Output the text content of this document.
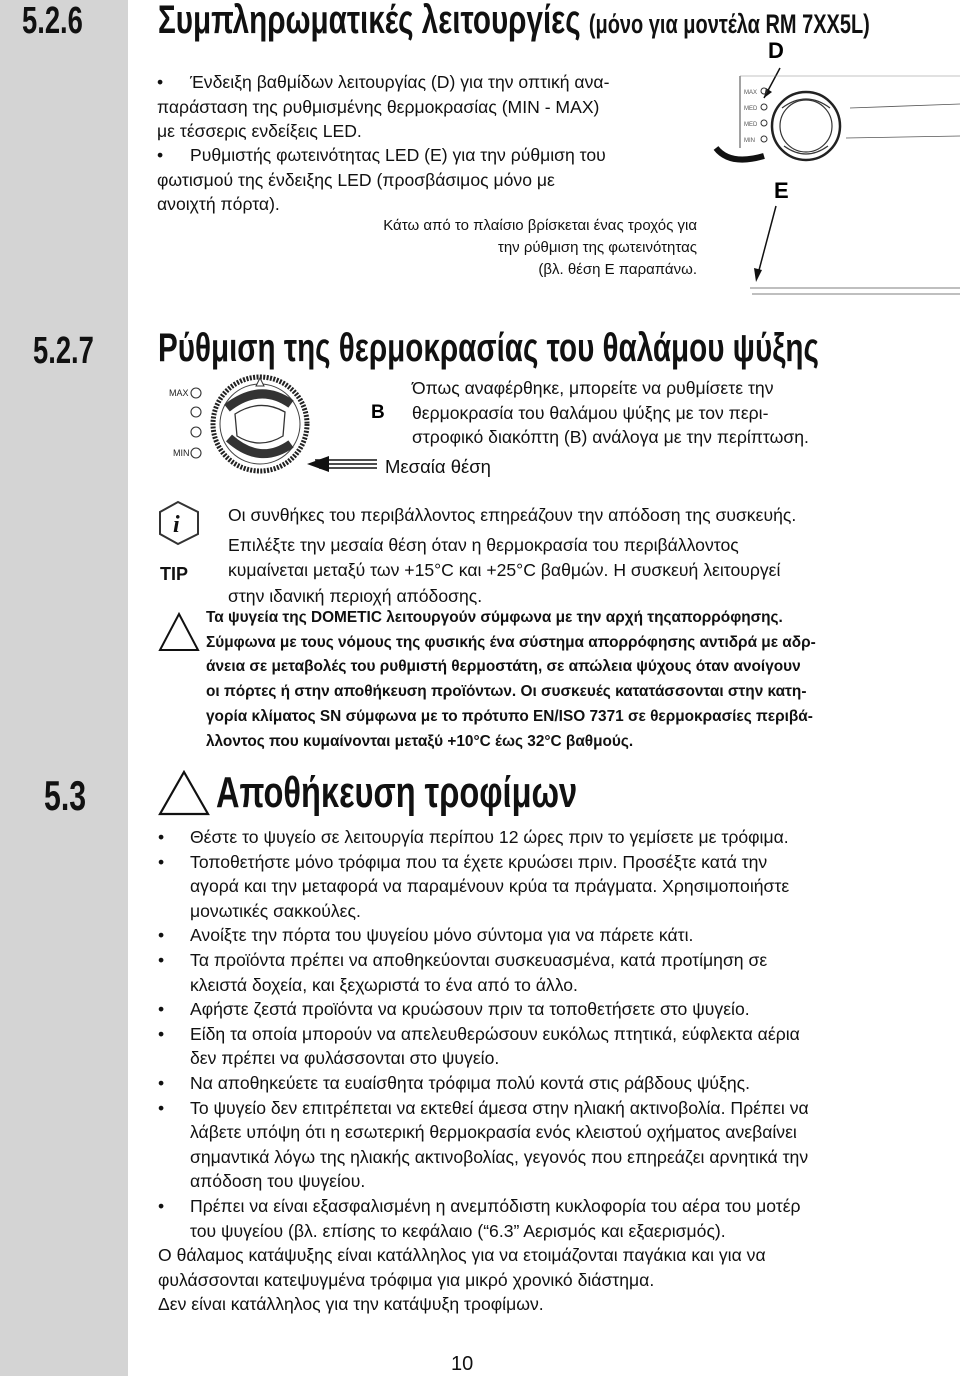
5.2.6 Συμπληρωματικές λειτουργίες (μόνο για μοντέλα RM 7XX5L)
• Ένδειξη βαθμίδων λειτουργίας (D) για την οπτική ανα-
παράσταση της ρυθμισμένης θερμοκρασίας (MIN - MAX)
με τέσσερις ενδείξεις LED.
• Ρυθμιστής φωτεινότητας LED (E) για την ρύθμιση του
φωτισμού της ένδειξης LED (προσβάσιμος μόνο με
ανοιχτή πόρτα).
Κάτω από το πλαίσιο βρίσκεται ένας τροχός για
την ρύθμιση της φωτεινότητας
(βλ. θέση E παραπάνω.
D
MAX
MED
MED
MIN
E
5.2.7 Ρύθμιση της θερμοκρασίας του θαλάμου ψύξης
MAX
MIN
B
Μεσαία θέση
Όπως αναφέρθηκε, μπορείτε να ρυθμίσετε την
θερμοκρασία του θαλάμου ψύξης με τον περι-
στροφικό διακόπτη (B) ανάλογα με την περίπτωση.
i
TIP
Οι συνθήκες του περιβάλλοντος επηρεάζουν την απόδοση της συσκευής.
Επιλέξτε την μεσαία θέση όταν η θερμοκρασία του περιβάλλοντος
κυμαίνεται μεταξύ των +15°C και +25°C βαθμών. Η συσκευή λειτουργεί
στην ιδανική περιοχή απόδοσης.

Τα ψυγεία της DOMETIC λειτουργούν σύμφωνα με την αρχή τηςαπορρόφησης.

Σύμφωνα με τους νόμους της φυσικής ένα σύστημα απορρόφησης αντιδρά με αδρ-

άνεια σε μεταβολές του ρυθμιστή θερμοστάτη, σε απώλεια ψύχους όταν ανοίγουν

οι πόρτες ή στην αποθήκευση προϊόντων. Οι συσκευές κατατάσσονται στην κατη-

γορία κλίματος SN σύμφωνα με το πρότυπο EN/ISO 7371 σε θερμοκρασίες περιβά-

λλοντος που κυμαίνονται μεταξύ +10°C έως 32°C βαθμούς.

5.3	Αποθήκευση τροφίμων
• Θέστε το ψυγείο σε λειτουργία περίπου 12 ώρες πριν το γεμίσετε με τρόφιμα.
• Τοποθετήστε μόνο τρόφιμα που τα έχετε κρυώσει πριν. Προσέξτε κατά την
αγορά και την μεταφορά να παραμένουν κρύα τα πράγματα. Χρησιμοποιήστε
μονωτικές σακκούλες.
• Ανοίξτε την πόρτα του ψυγείου μόνο σύντομα για να πάρετε κάτι.
• Τα προϊόντα πρέπει να αποθηκεύονται συσκευασμένα, κατά προτίμηση σε
κλειστά δοχεία, και ξεχωριστά το ένα από το άλλο.
• Αφήστε ζεστά προϊόντα να κρυώσουν πριν τα τοποθετήσετε στο ψυγείο.
• Είδη τα οποία μπορούν να απελευθερώσουν ευκόλως πτητικά, εύφλεκτα αέρια
δεν πρέπει να φυλάσσονται στο ψυγείο.
• Να αποθηκεύετε τα ευαίσθητα τρόφιμα πολύ κοντά στις ράβδους ψύξης.
• Το ψυγείο δεν επιτρέπεται να εκτεθεί άμεσα στην ηλιακή ακτινοβολία. Πρέπει να
λάβετε υπόψη ότι η εσωτερική θερμοκρασία ενός κλειστού οχήματος ανεβαίνει
σημαντικά λόγω της ηλιακής ακτινοβολίας, γεγονός που επηρεάζει αρνητικά την
απόδοση του ψυγείου.
• Πρέπει να είναι εξασφαλισμένη η ανεμπόδιστη κυκλοφορία του αέρα του μοτέρ
του ψυγείου (βλ. επίσης το κεφάλαιο (“6.3” Αερισμός και εξαερισμός).
Ο θάλαμος κατάψυξης είναι κατάλληλος για να ετοιμάζονται παγάκια και για να
φυλάσσονται κατεψυγμένα τρόφιμα για μικρό χρονικό διάστημα.
Δεν είναι κατάλληλος για την κατάψυξη τροφίμων.
10
